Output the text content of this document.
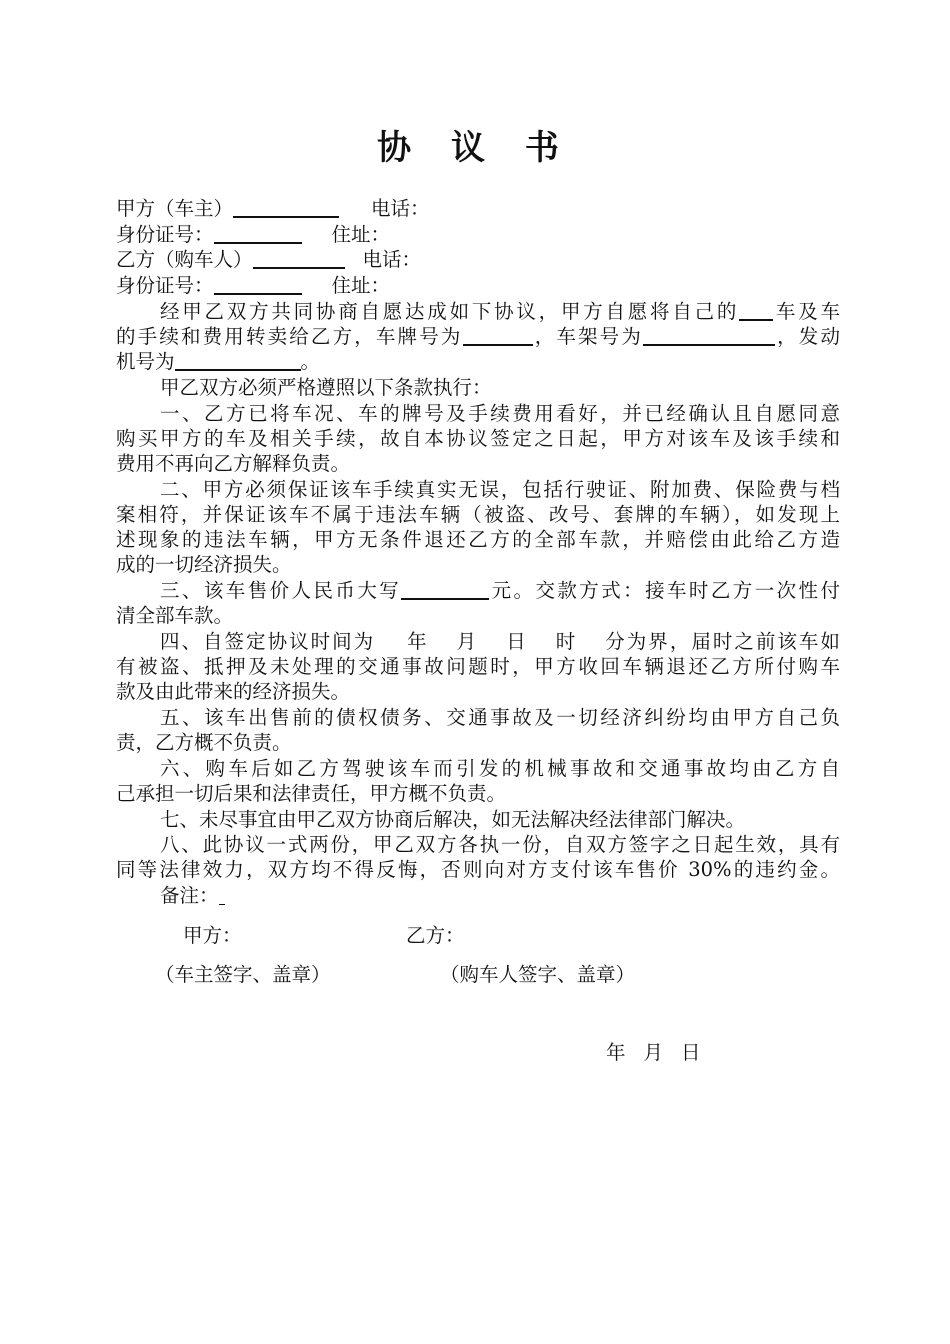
协 议 书
甲方（车主）	电话：
身份证号：	住址：
乙方（购车人）	电话：
身份证号：	住址：
经甲乙双方共同协商自愿达成如下协议，甲方自愿将自己的 车及车
的手续和费用转卖给乙方，车牌号为	，车架号为	，发动
机号为	。
甲乙双方必须严格遵照以下条款执行：
一、乙方已将车况、车的牌号及手续费用看好，并已经确认且自愿同意
购买甲方的车及相关手续，故自本协议签定之日起，甲方对该车及该手续和
费用不再向乙方解释负责。
二、甲方必须保证该车手续真实无误，包括行驶证、附加费、保险费与档
案相符，并保证该车不属于违法车辆（被盗、改号、套牌的车辆），如发现上
述现象的违法车辆，甲方无条件退还乙方的全部车款，并赔偿由此给乙方造
成的一切经济损失。
三、该车售价人民币大写	元。交款方式：接车时乙方一次性付
清全部车款。
四、自签定协议时间为 年 月 日 时 分为界，届时之前该车如
有被盗、抵押及未处理的交通事故问题时，甲方收回车辆退还乙方所付购车
款及由此带来的经济损失。
五、该车出售前的债权债务、交通事故及一切经济纠纷均由甲方自己负
责，乙方概不负责。
六、购车后如乙方驾驶该车而引发的机械事故和交通事故均由乙方自
己承担一切后果和法律责任，甲方概不负责。
七、未尽事宜由甲乙双方协商后解决，如无法解决经法律部门解决。
八、此协议一式两份，甲乙双方各执一份，自双方签字之日起生效，具有
同等法律效力，双方均不得反悔，否则向对方支付该车售价 30%的违约金。
备注：
甲方：	乙方：
（车主签字、盖章）	（购车人签字、盖章）
年 月 日
